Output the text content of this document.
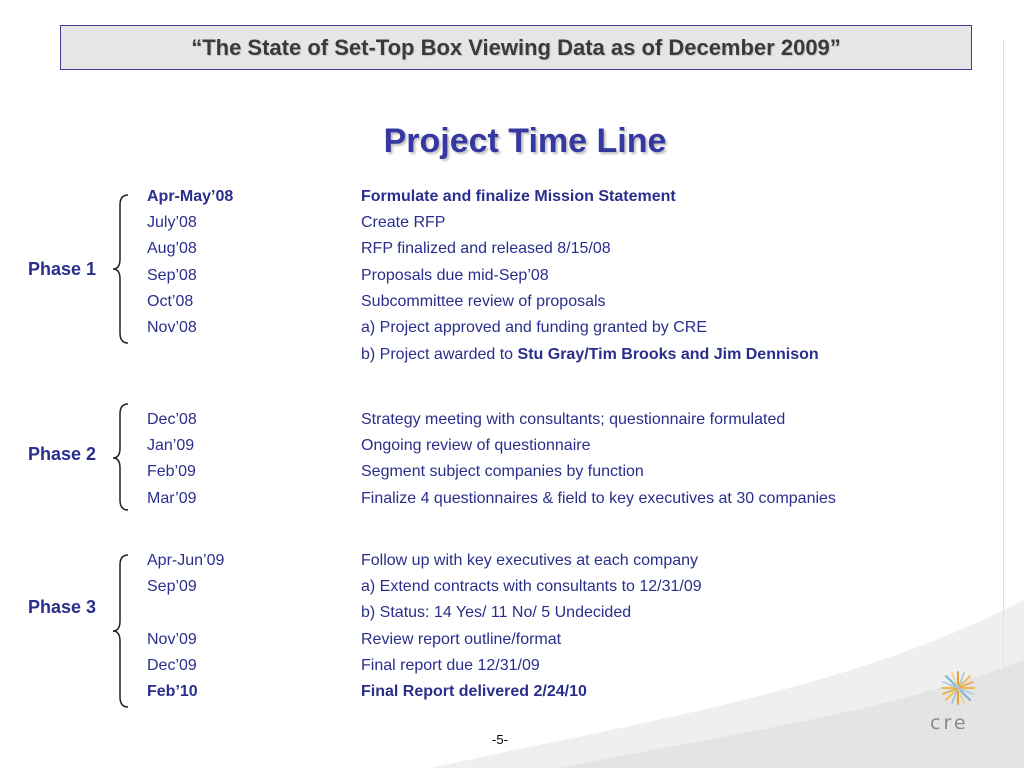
“The State of Set-Top Box Viewing Data as of December 2009”
Project Time Line
Phase 1
Apr-May’08	Formulate and finalize Mission Statement
July’08	Create RFP
Aug’08	RFP finalized and released 8/15/08
Sep’08	Proposals due mid-Sep’08
Oct’08	Subcommittee review of proposals
Nov’08	a) Project approved and funding granted by CRE
b) Project awarded to Stu Gray/Tim Brooks and Jim Dennison
Phase 2
Dec’08	Strategy meeting with consultants; questionnaire formulated
Jan’09	Ongoing review of questionnaire
Feb’09	Segment subject companies by function
Mar’09	Finalize 4 questionnaires & field to key executives at 30 companies
Phase 3
Apr-Jun’09	Follow up with key executives at each company
Sep’09	a) Extend contracts with consultants to 12/31/09
b) Status: 14 Yes/ 11 No/ 5 Undecided
Nov’09	Review report outline/format
Dec’09	Final report due 12/31/09
Feb’10	Final Report delivered 2/24/10
cre
-5-
